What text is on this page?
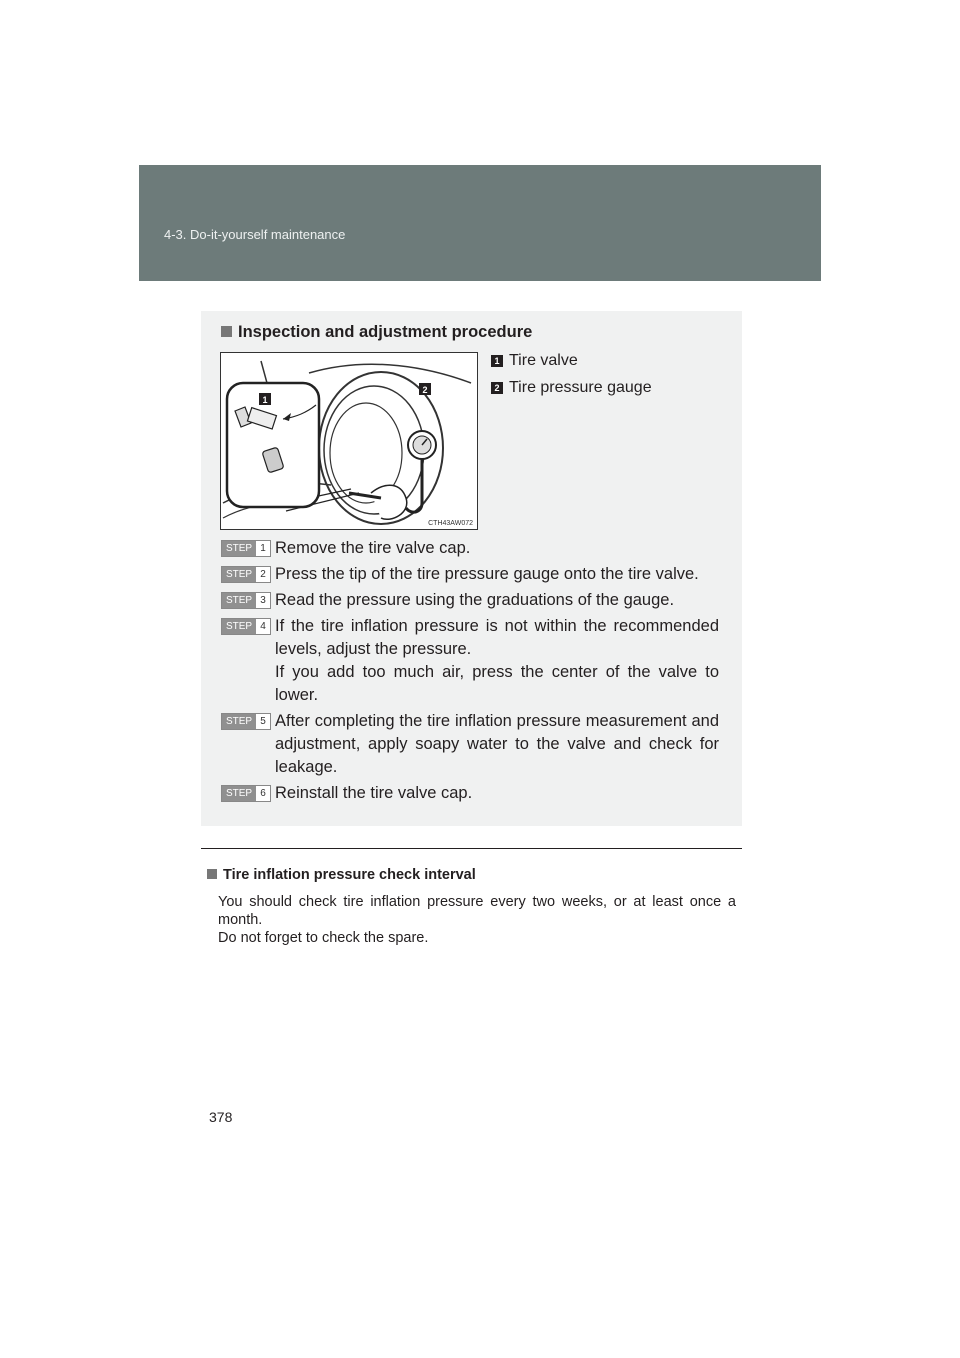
4-3. Do-it-yourself maintenance
Inspection and adjustment procedure
1
2
CTH43AW072
1 Tire valve
2 Tire pressure gauge
STEP 1 Remove the tire valve cap.
STEP 2 Press the tip of the tire pressure gauge onto the tire valve.
STEP 3 Read the pressure using the graduations of the gauge.
STEP 4 If the tire inflation pressure is not within the recommended levels, adjust the pressure.
If you add too much air, press the center of the valve to lower.
STEP 5 After completing the tire inflation pressure measurement and adjustment, apply soapy water to the valve and check for leakage.
STEP 6 Reinstall the tire valve cap.
Tire inflation pressure check interval
You should check tire inflation pressure every two weeks, or at least once a month.
Do not forget to check the spare.
378
